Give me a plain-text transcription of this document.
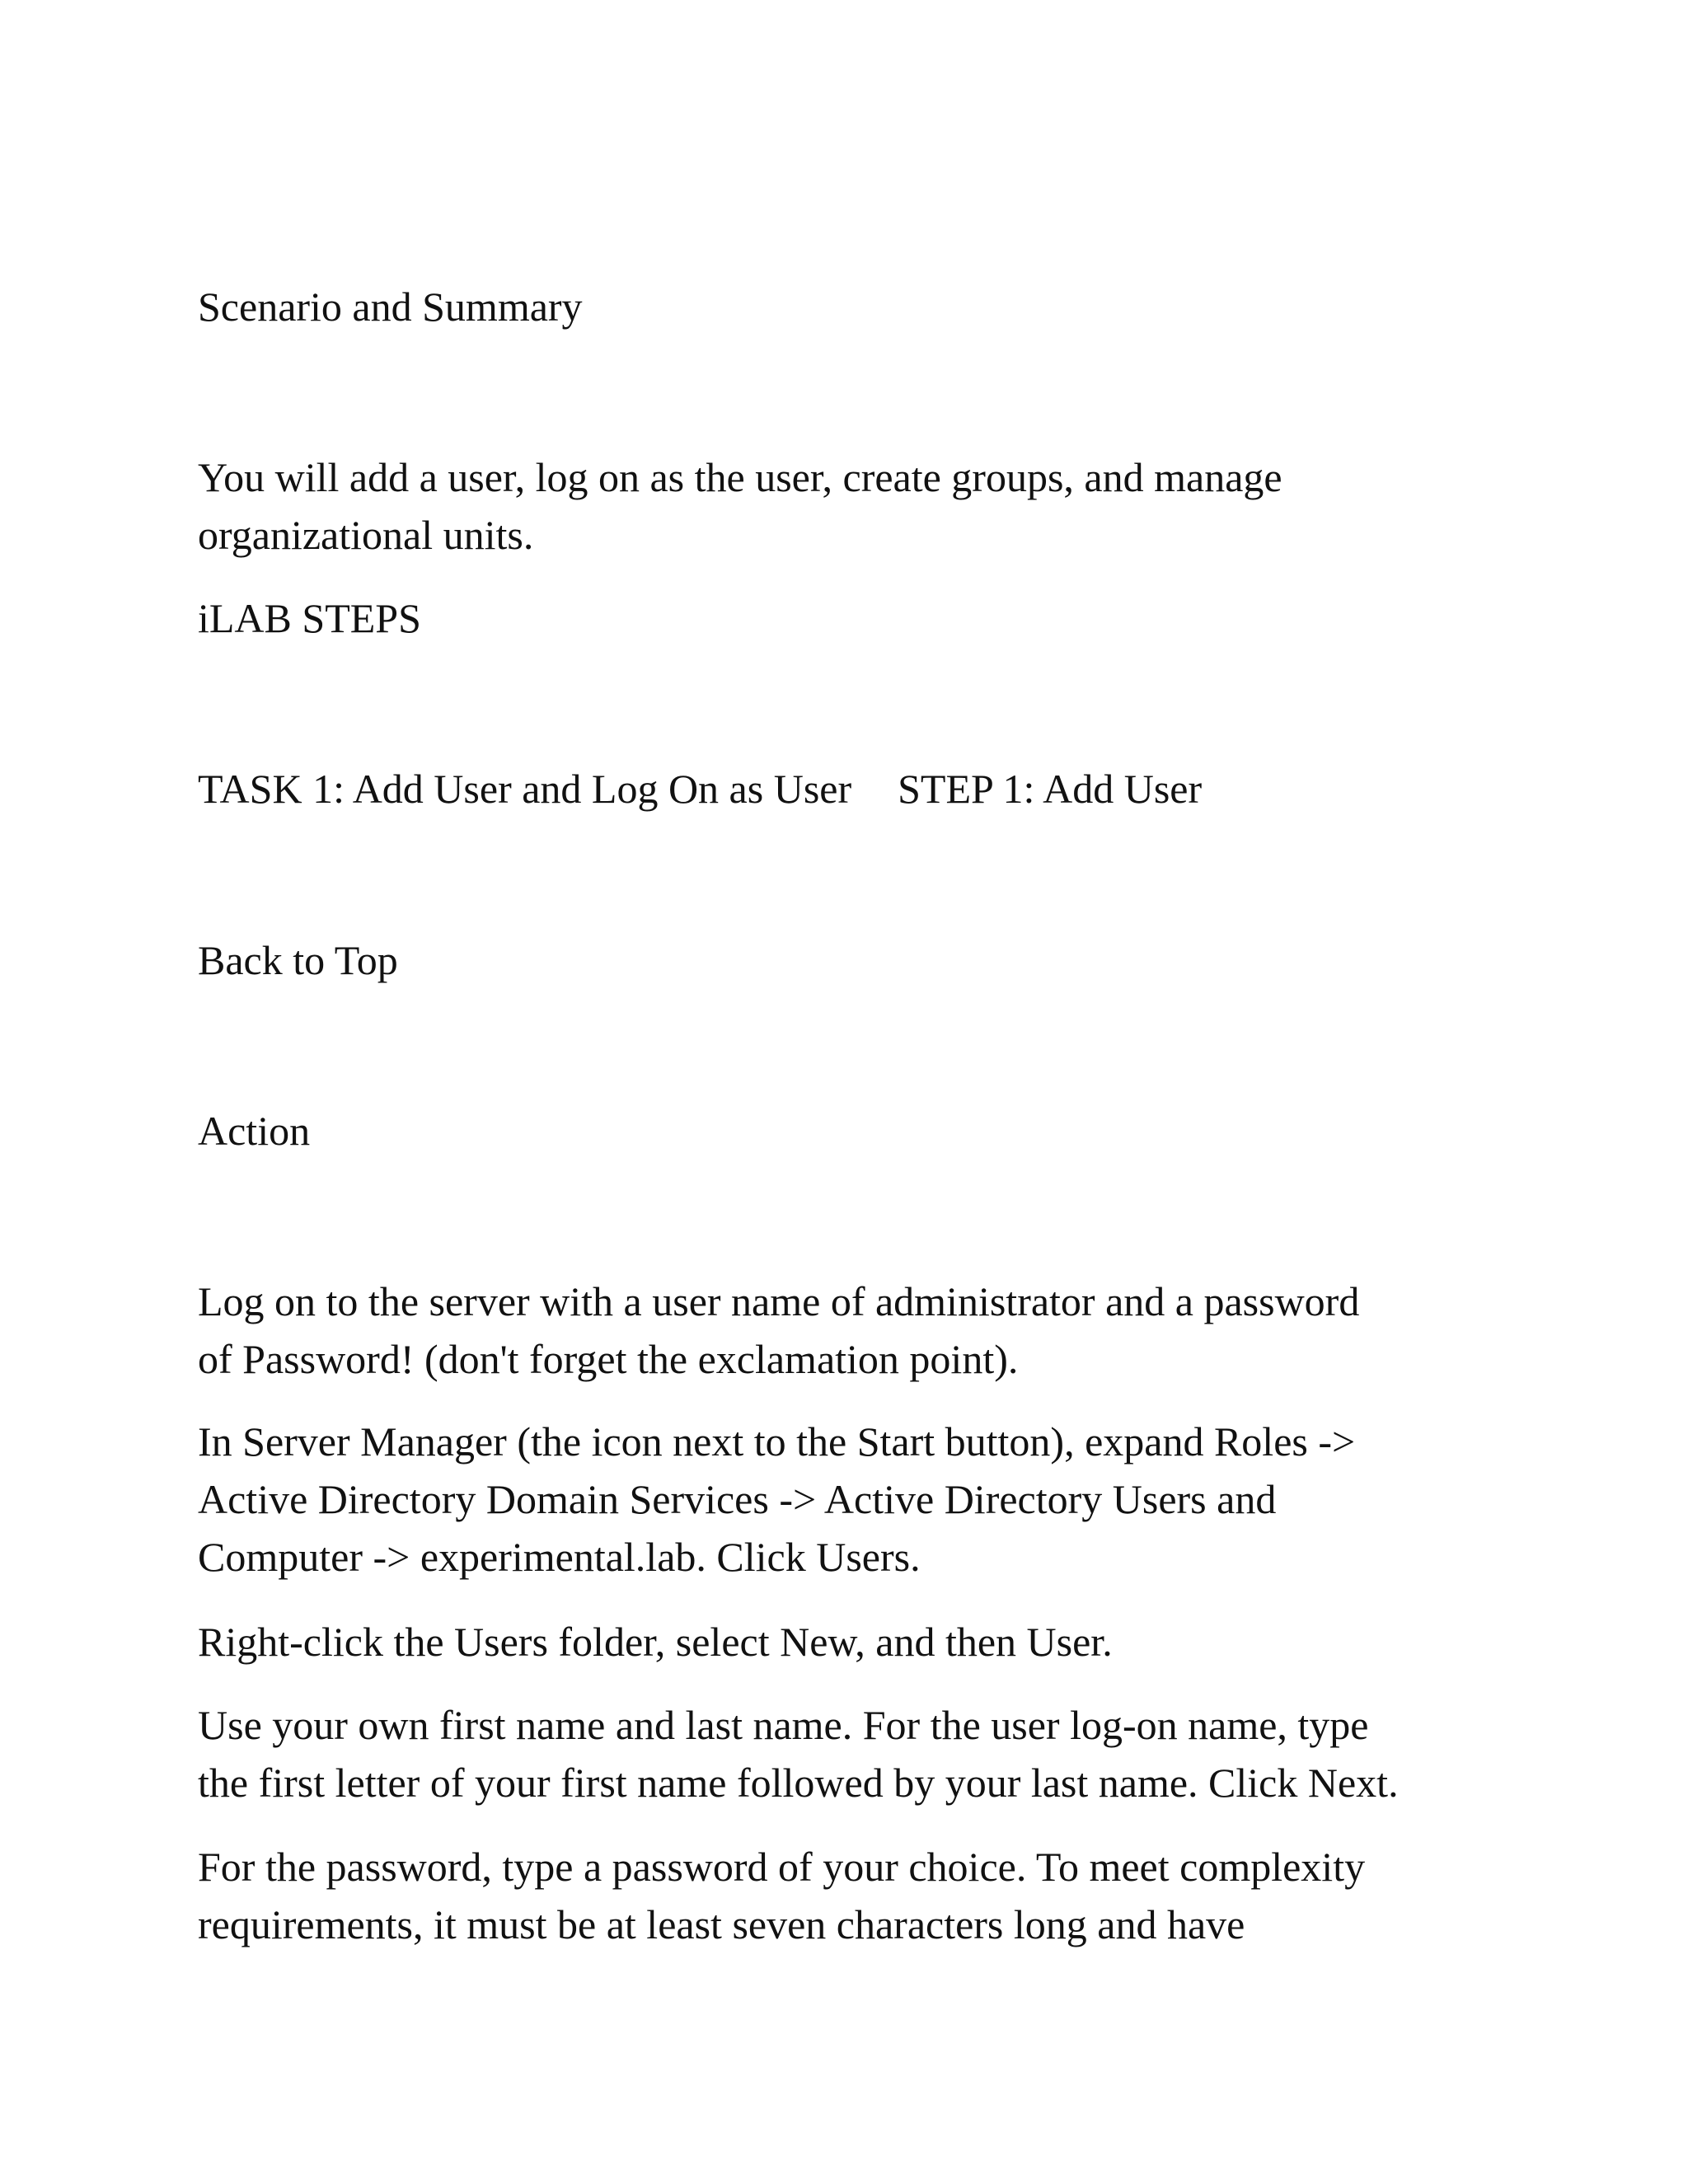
Scenario and Summary

You will add a user, log on as the user, create groups, and manage
organizational units.

iLAB STEPS

TASK 1: Add User and Log On as User STEP 1: Add User

Back to Top

Action

Log on to the server with a user name of administrator and a password
of Password! (don't forget the exclamation point).

In Server Manager (the icon next to the Start button), expand Roles ->
Active Directory Domain Services -> Active Directory Users and
Computer -> experimental.lab. Click Users.

Right-click the Users folder, select New, and then User.

Use your own first name and last name. For the user log-on name, type
the first letter of your first name followed by your last name. Click Next.

For the password, type a password of your choice. To meet complexity
requirements, it must be at least seven characters long and have
